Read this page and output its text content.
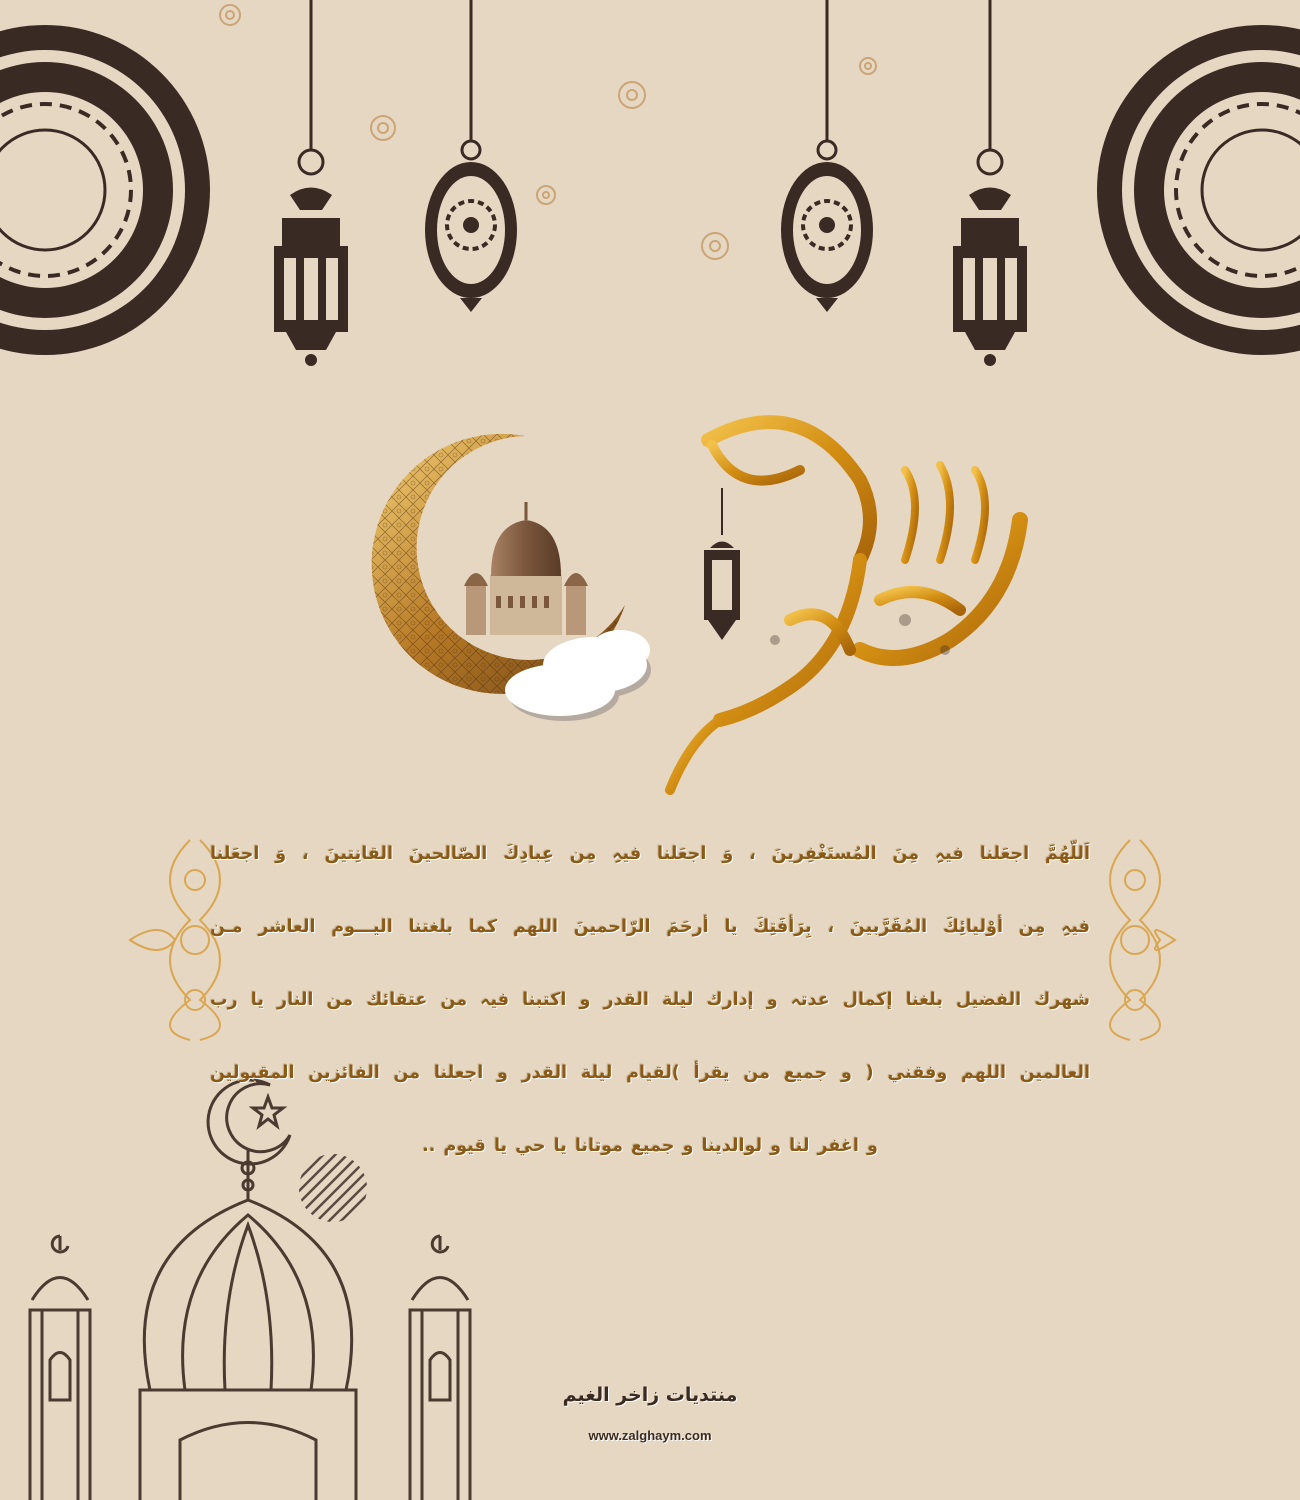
اَللّهُمَّ اجعَلنا فيہِ مِنَ المُستَغْفِرينَ ، وَ اجعَلنا فيہِ مِن عِبادِكَ الصّالحينَ القانِتينَ ، وَ اجعَلنا
فيہِ مِن أوْليائِكَ المُقَرَّبينَ ، بِرَأفَتِكَ يا أرحَمَ الرّاحمينَ اللهم كما بلغتنا اليـــوم العاشر مـن
شهرك الفضيل بلغنا إكمال عدتہ و إدارك ليلة القدر و اكتبنا فيہ من عتقائك من النار يا رب
العالمين اللهم وفقني ( و جميع من يقرأ )لقيام ليلة القدر و اجعلنا من الفائزين المقبولين
و اغفر لنا و لوالدينا و جميع موتانا يا حي يا قيوم ..
منتديات زاخر الغيم
www.zalghaym.com
